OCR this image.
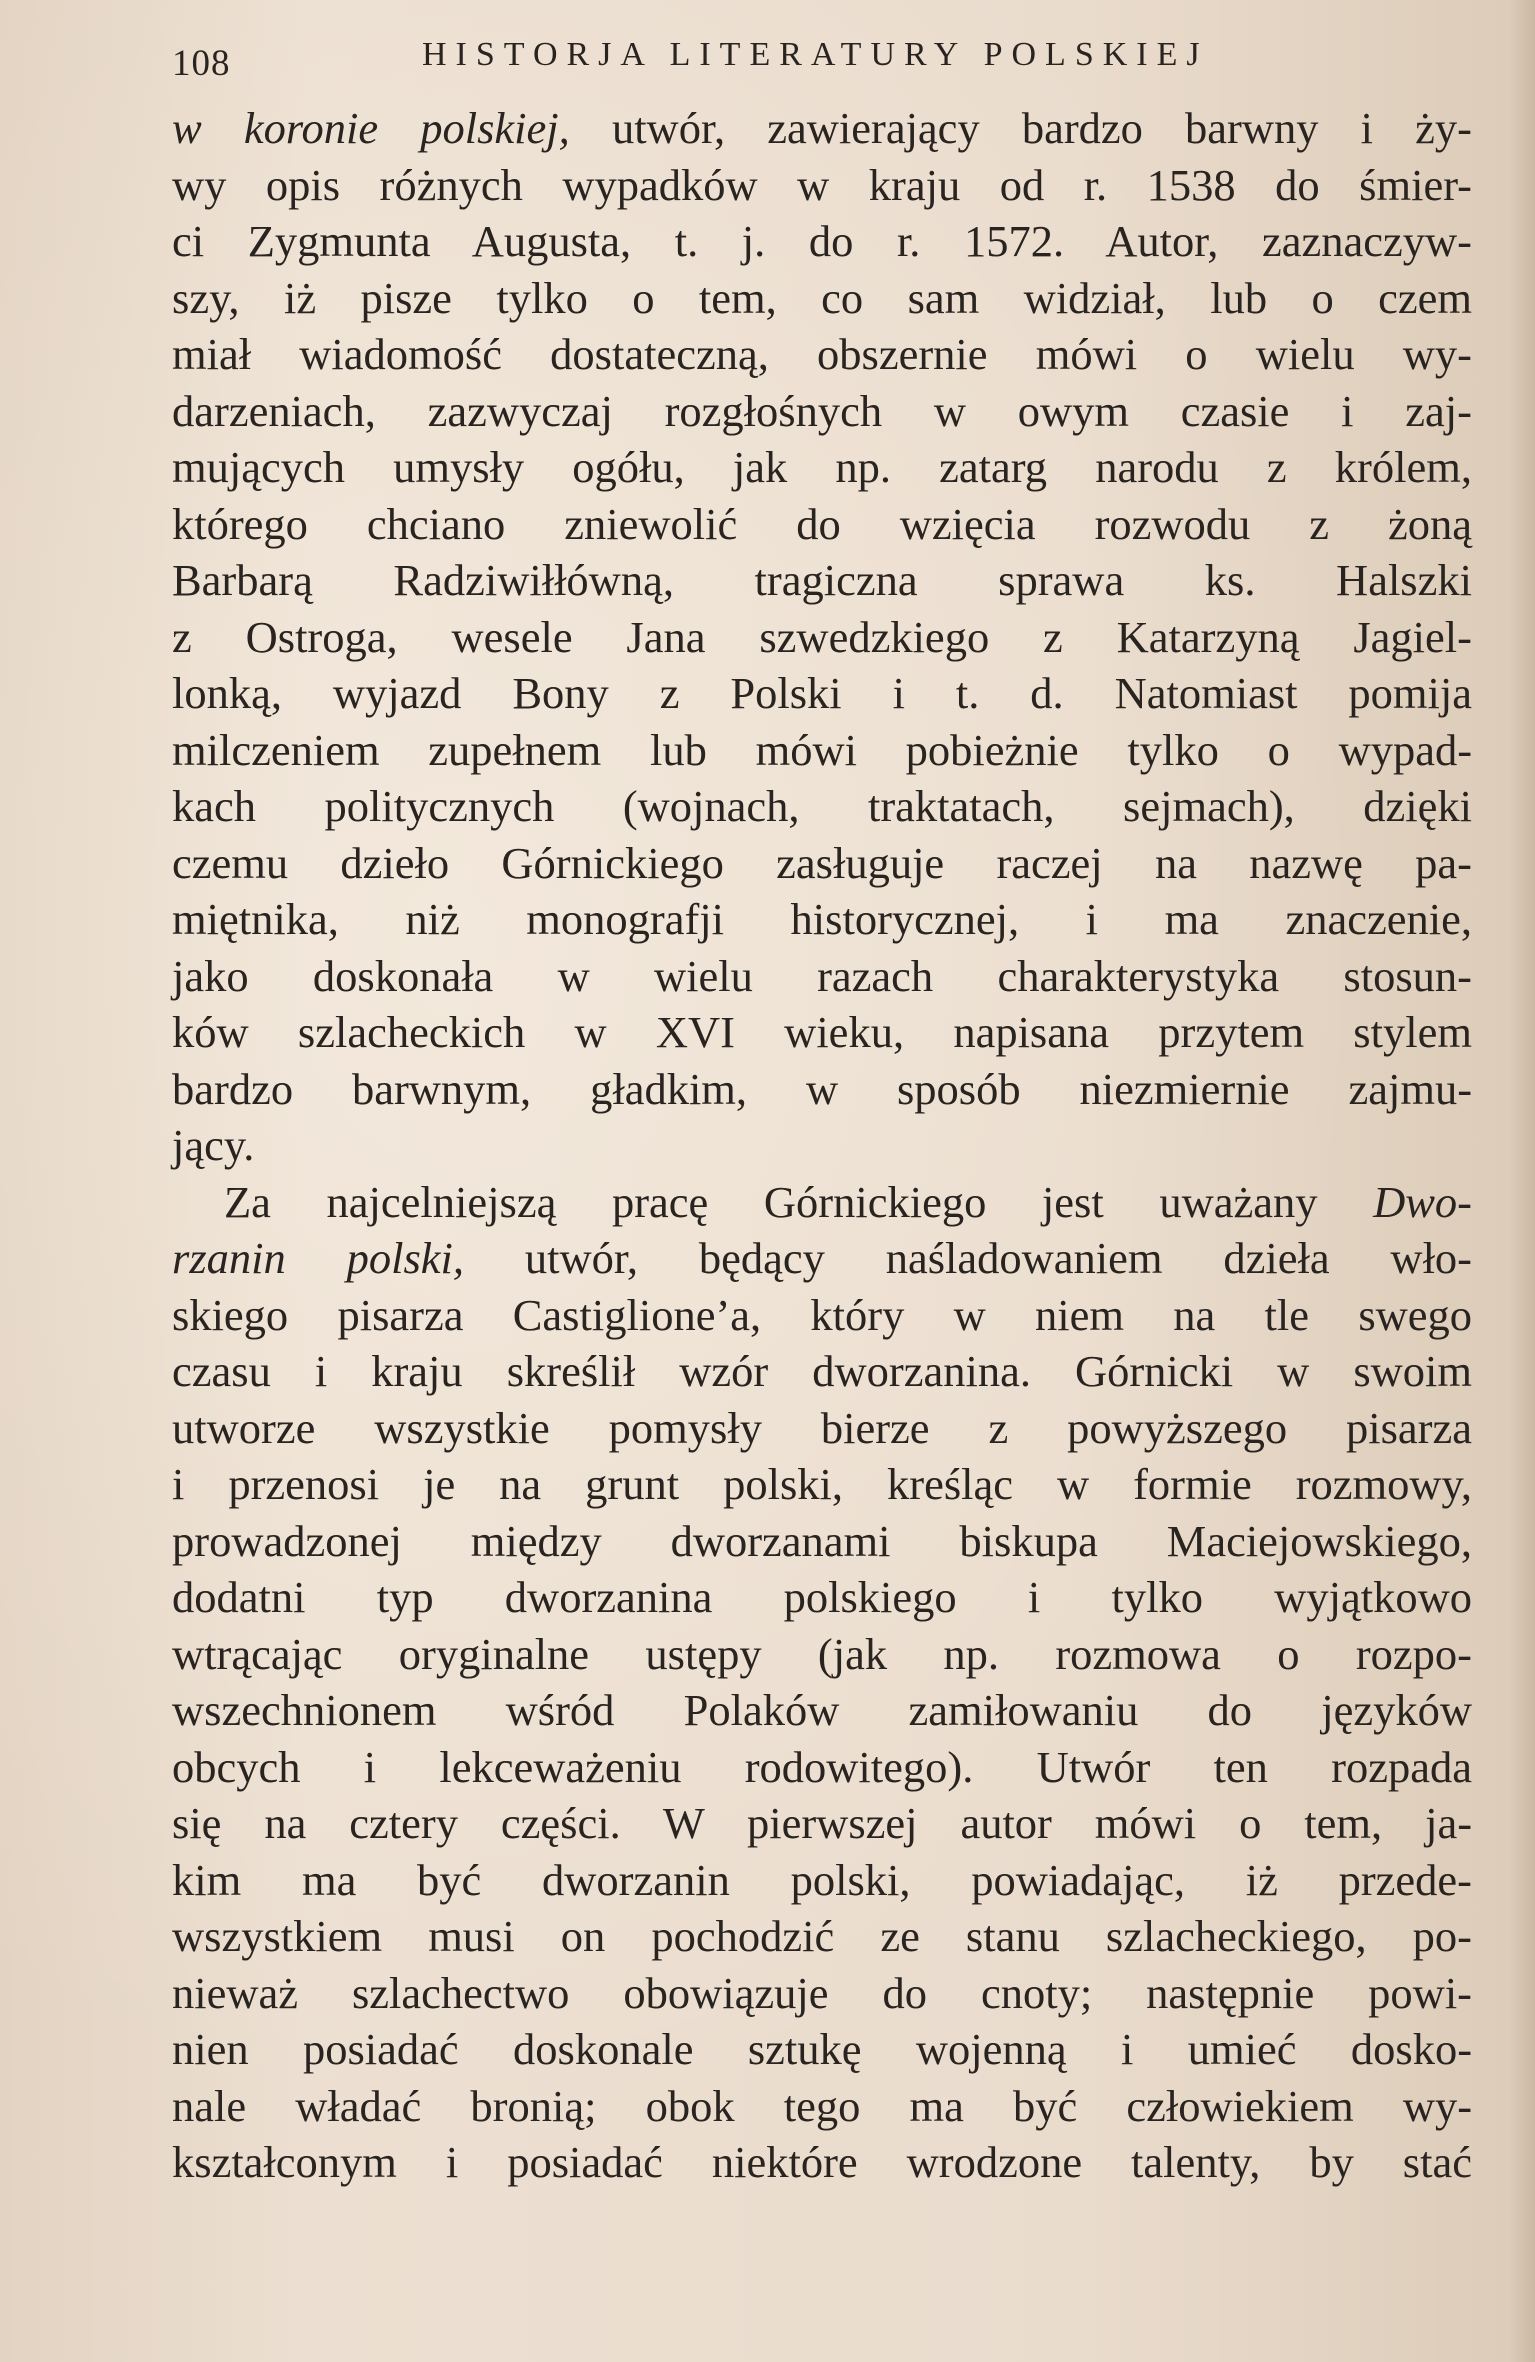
108	HISTORJA LITERATURY POLSKIEJ
w koronie polskiej, utwór, zawierający bardzo barwny i ży-
wy opis różnych wypadków w kraju od r. 1538 do śmier-
ci Zygmunta Augusta, t. j. do r. 1572. Autor, zaznaczyw-
szy, iż pisze tylko o tem, co sam widział, lub o czem
miał wiadomość dostateczną, obszernie mówi o wielu wy-
darzeniach, zazwyczaj rozgłośnych w owym czasie i zaj-
mujących umysły ogółu, jak np. zatarg narodu z królem,
którego chciano zniewolić do wzięcia rozwodu z żoną
Barbarą Radziwiłłówną, tragiczna sprawa ks. Halszki
z Ostroga, wesele Jana szwedzkiego z Katarzyną Jagiel-
lonką, wyjazd Bony z Polski i t. d. Natomiast pomija
milczeniem zupełnem lub mówi pobieżnie tylko o wypad-
kach politycznych (wojnach, traktatach, sejmach), dzięki
czemu dzieło Górnickiego zasługuje raczej na nazwę pa-
miętnika, niż monografji historycznej, i ma znaczenie,
jako doskonała w wielu razach charakterystyka stosun-
ków szlacheckich w XVI wieku, napisana przytem stylem
bardzo barwnym, gładkim, w sposób niezmiernie zajmu-
jący.
Za najcelniejszą pracę Górnickiego jest uważany Dwo-
rzanin polski, utwór, będący naśladowaniem dzieła wło-
skiego pisarza Castiglione’a, który w niem na tle swego
czasu i kraju skreślił wzór dworzanina. Górnicki w swoim
utworze wszystkie pomysły bierze z powyższego pisarza
i przenosi je na grunt polski, kreśląc w formie rozmowy,
prowadzonej między dworzanami biskupa Maciejowskiego,
dodatni typ dworzanina polskiego i tylko wyjątkowo
wtrącając oryginalne ustępy (jak np. rozmowa o rozpo-
wszechnionem wśród Polaków zamiłowaniu do języków
obcych i lekceważeniu rodowitego). Utwór ten rozpada
się na cztery części. W pierwszej autor mówi o tem, ja-
kim ma być dworzanin polski, powiadając, iż przede-
wszystkiem musi on pochodzić ze stanu szlacheckiego, po-
nieważ szlachectwo obowiązuje do cnoty; następnie powi-
nien posiadać doskonale sztukę wojenną i umieć dosko-
nale władać bronią; obok tego ma być człowiekiem wy-
kształconym i posiadać niektóre wrodzone talenty, by stać
